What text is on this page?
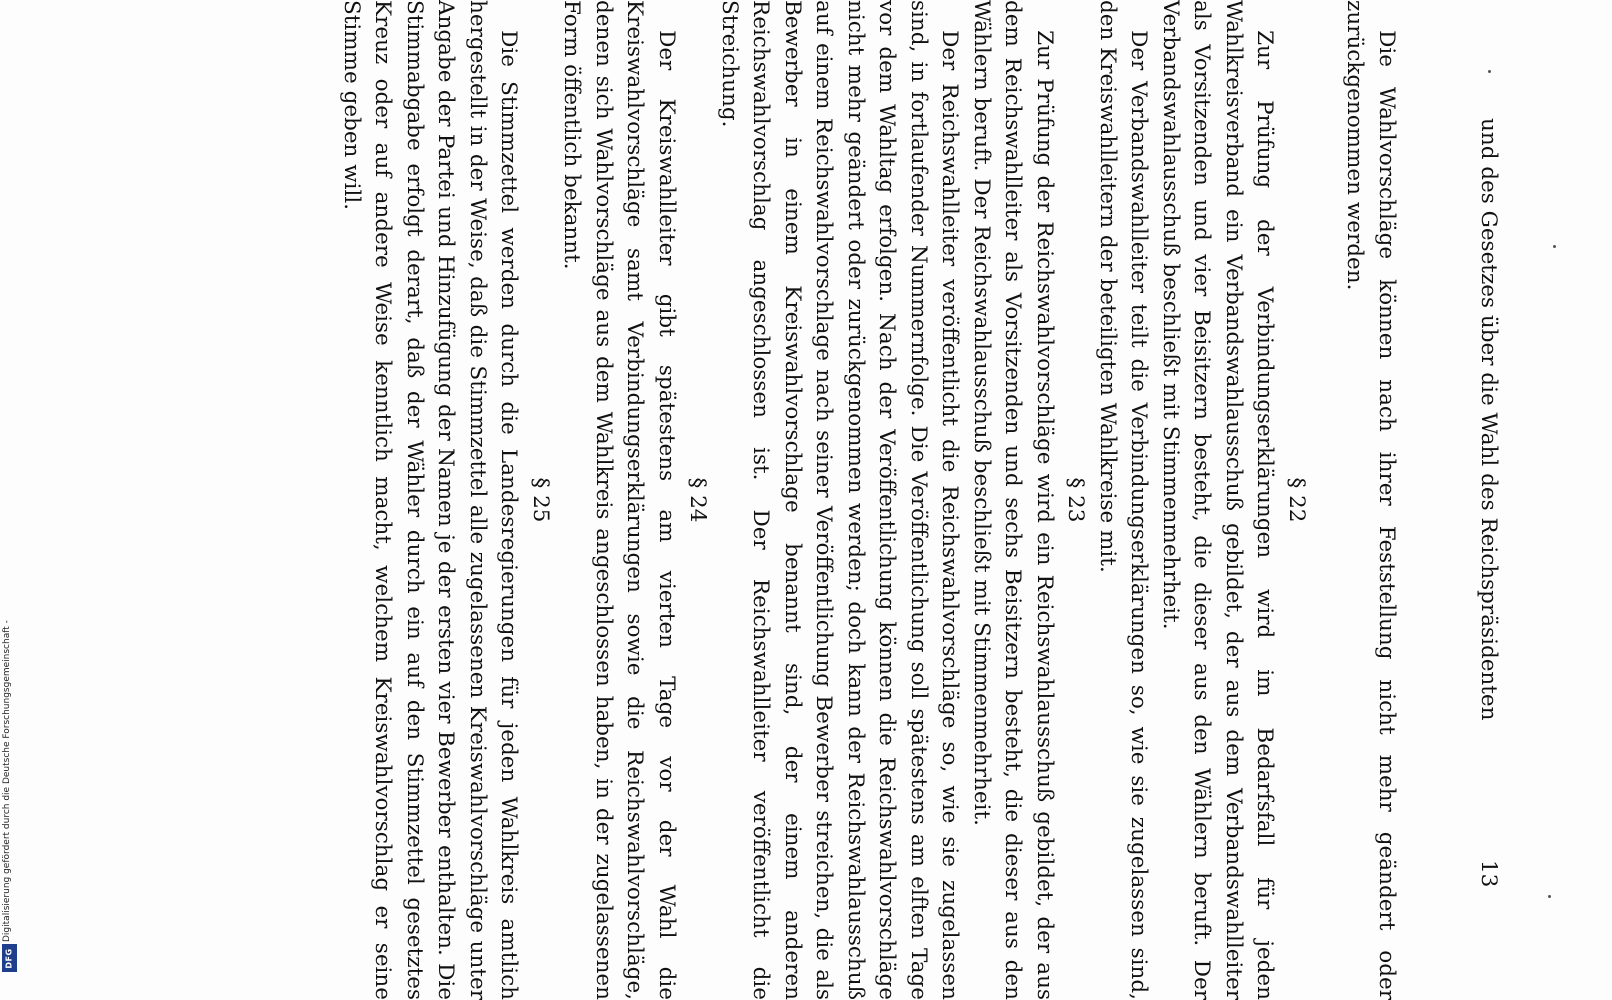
Digitalisierung gefördert durch die Deutsche Forschungsgemeinschaft -
DFG
und des Gesetzes über die Wahl des Reichspräsidenten
13

Die Wahlvorschläge können nach ihrer Feststellung nicht mehr geändert oder zurückgenommen werden.

§ 22

Zur Prüfung der Verbindungserklärungen wird im Bedarfsfall für jeden Wahlkreisverband ein Verbandswahlausschuß gebildet, der aus dem Verbandswahlleiter als Vorsitzenden und vier Beisitzern besteht, die dieser aus den Wählern beruft. Der Verbandswahlausschuß beschließt mit Stimmenmehrheit.

Der Verbandswahlleiter teilt die Verbindungserklärungen so, wie sie zugelassen sind, den Kreiswahlleitern der beteiligten Wahlkreise mit.

§ 23

Zur Prüfung der Reichswahlvorschläge wird ein Reichswahlausschuß gebildet, der aus dem Reichswahlleiter als Vorsitzenden und sechs Beisitzern besteht, die dieser aus den Wählern beruft. Der Reichswahlausschuß beschließt mit Stimmenmehrheit.

Der Reichswahlleiter veröffentlicht die Reichswahlvorschläge so, wie sie zugelassen sind, in fortlaufender Nummernfolge. Die Veröffentlichung soll spätestens am elften Tage vor dem Wahltag erfolgen. Nach der Veröffentlichung können die Reichswahlvorschläge nicht mehr geändert oder zurückgenommen werden; doch kann der Reichswahlausschuß auf einem Reichswahlvorschlage nach seiner Veröffentlichung Bewerber streichen, die als Bewerber in einem Kreiswahlvorschlage benannt sind, der einem anderen Reichswahlvorschlag angeschlossen ist. Der Reichswahlleiter veröffentlicht die Streichung.

§ 24

Der Kreiswahlleiter gibt spätestens am vierten Tage vor der Wahl die Kreiswahlvorschläge samt Verbindungserklärungen sowie die Reichswahlvorschläge, denen sich Wahlvorschläge aus dem Wahlkreis angeschlossen haben, in der zugelassenen Form öffentlich bekannt.

§ 25

Die Stimmzettel werden durch die Landesregierungen für jeden Wahlkreis amtlich hergestellt in der Weise, daß die Stimmzettel alle zugelassenen Kreiswahlvorschläge unter Angabe der Partei und Hinzufügung der Namen je der ersten vier Bewerber enthalten. Die Stimmabgabe erfolgt derart, daß der Wähler durch ein auf den Stimmzettel gesetztes Kreuz oder auf andere Weise kenntlich macht, welchem Kreiswahlvorschlag er seine Stimme geben will.
